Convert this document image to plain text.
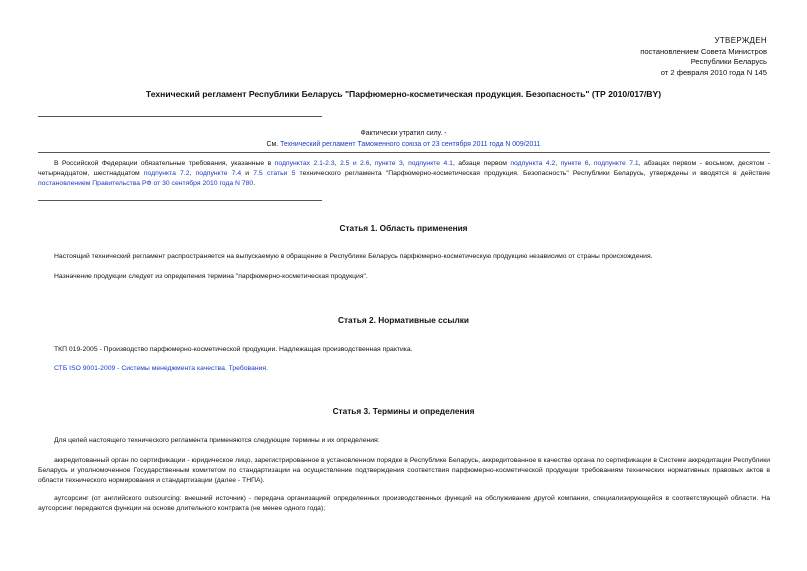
УТВЕРЖДЕН
постановлением Совета Министров
Республики Беларусь
от 2 февраля 2010 года N 145
Технический регламент Республики Беларусь "Парфюмерно-косметическая продукция. Безопасность" (ТР 2010/017/BY)
Фактически утратил силу. -
См. Технический регламент Таможенного союза от 23 сентября 2011 года N 009/2011
В Российской Федерации обязательные требования, указанные в подпунктах 2.1-2.3, 2.5 и 2.6, пункте 3, подпункте 4.1, абзаце первом подпункта 4.2, пункте 6, подпункте 7.1, абзацах первом - восьмом, десятом - четырнадцатом, шестнадцатом подпункта 7.2, подпункте 7.4 и 7.5 статьи 5 технического регламента "Парфюмерно-косметическая продукция. Безопасность" Республики Беларусь, утверждены и вводятся в действие постановлением Правительства РФ от 30 сентября 2010 года N 780.
Статья 1. Область применения
Настоящий технический регламент распространяется на выпускаемую в обращение в Республике Беларусь парфюмерно-косметическую продукцию независимо от страны происхождения.
Назначение продукции следует из определения термина "парфюмерно-косметическая продукция".
Статья 2. Нормативные ссылки
ТКП 019-2005 - Производство парфюмерно-косметической продукции. Надлежащая производственная практика.
СТБ ISO 9001-2009 - Системы менеджмента качества. Требования.
Статья 3. Термины и определения
Для целей настоящего технического регламента применяются следующие термины и их определения:
аккредитованный орган по сертификации - юридическое лицо, зарегистрированное в установленном порядке в Республике Беларусь, аккредитованное в качестве органа по сертификации в Системе аккредитации Республики Беларусь и уполномоченное Государственным комитетом по стандартизации на осуществление подтверждения соответствия парфюмерно-косметической продукции требованиям технических нормативных правовых актов в области технического нормирования и стандартизации (далее - ТНПА).
аутсорсинг (от английского outsourcing: внешний источник) - передача организацией определенных производственных функций на обслуживание другой компании, специализирующейся в соответствующей области. На аутсорсинг передаются функции на основе длительного контракта (не менее одного года);
